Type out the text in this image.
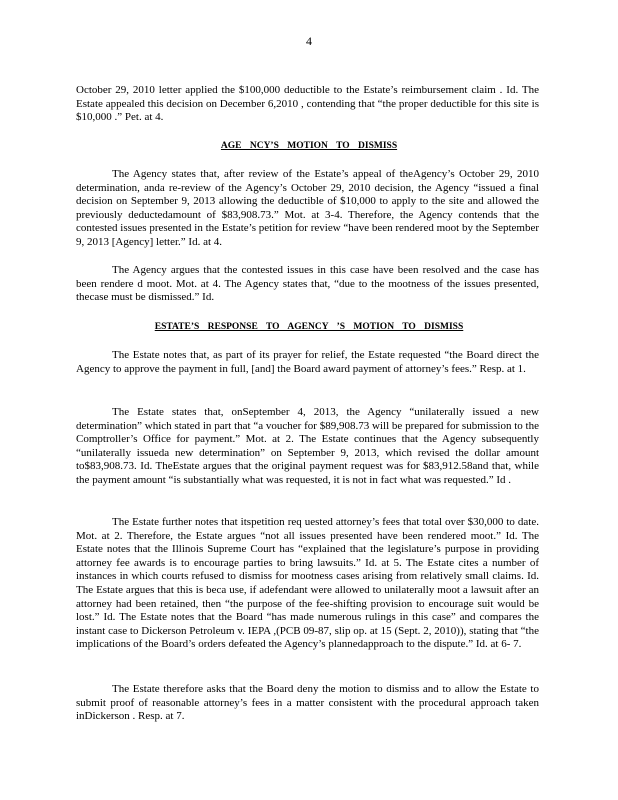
4

October 29, 2010 letter applied the $100,000 deductible to the Estate’s reimbursement claim . Id. The Estate appealed this decision on December 6,2010 , contending that “the proper deductible for this site is $10,000 .” Pet. at 4.

AGE NCY’S MOTION TO DISMISS

The Agency states that, after review of the Estate’s appeal of theAgency’s October 29, 2010 determination, anda re-review of the Agency’s October 29, 2010 decision, the Agency “issued a final decision on September 9, 2013 allowing the deductible of $10,000 to apply to the site and allowed the previously deductedamount of $83,908.73.” Mot. at 3-4. Therefore, the Agency contends that the contested issues presented in the Estate’s petition for review “have been rendered moot by the September 9, 2013 [Agency] letter.” Id. at 4.

The Agency argues that the contested issues in this case have been resolved and the case has been rendere d moot. Mot. at 4. The Agency states that, “due to the mootness of the issues presented, thecase must be dismissed.” Id.

ESTATE’S RESPONSE TO AGENCY ’S MOTION TO DISMISS

The Estate notes that, as part of its prayer for relief, the Estate requested “the Board direct the Agency to approve the payment in full, [and] the Board award payment of attorney’s fees.” Resp. at 1.

The Estate states that, onSeptember 4, 2013, the Agency “unilaterally issued a new determination” which stated in part that “a voucher for $89,908.73 will be prepared for submission to the Comptroller’s Office for payment.” Mot. at 2. The Estate continues that the Agency subsequently “unilaterally issueda new determination” on September 9, 2013, which revised the dollar amount to$83,908.73. Id. TheEstate argues that the original payment request was for $83,912.58and that, while the payment amount “is substantially what was requested, it is not in fact what was requested.” Id .

The Estate further notes that itspetition req uested attorney’s fees that total over $30,000 to date. Mot. at 2. Therefore, the Estate argues “not all issues presented have been rendered moot.” Id. The Estate notes that the Illinois Supreme Court has “explained that the legislature’s purpose in providing attorney fee awards is to encourage parties to bring lawsuits.” Id. at 5. The Estate cites a number of instances in which courts refused to dismiss for mootness cases arising from relatively small claims. Id. The Estate argues that this is beca use, if adefendant were allowed to unilaterally moot a lawsuit after an attorney had been retained, then “the purpose of the fee-shifting provision to encourage suit would be lost.” Id. The Estate notes that the Board “has made numerous rulings in this case” and compares the instant case to Dickerson Petroleum v. IEPA ,(PCB 09-87, slip op. at 15 (Sept. 2, 2010)), stating that “the implications of the Board’s orders defeated the Agency’s plannedapproach to the dispute.” Id. at 6- 7.

The Estate therefore asks that the Board deny the motion to dismiss and to allow the Estate to submit proof of reasonable attorney’s fees in a matter consistent with the procedural approach taken inDickerson . Resp. at 7.
